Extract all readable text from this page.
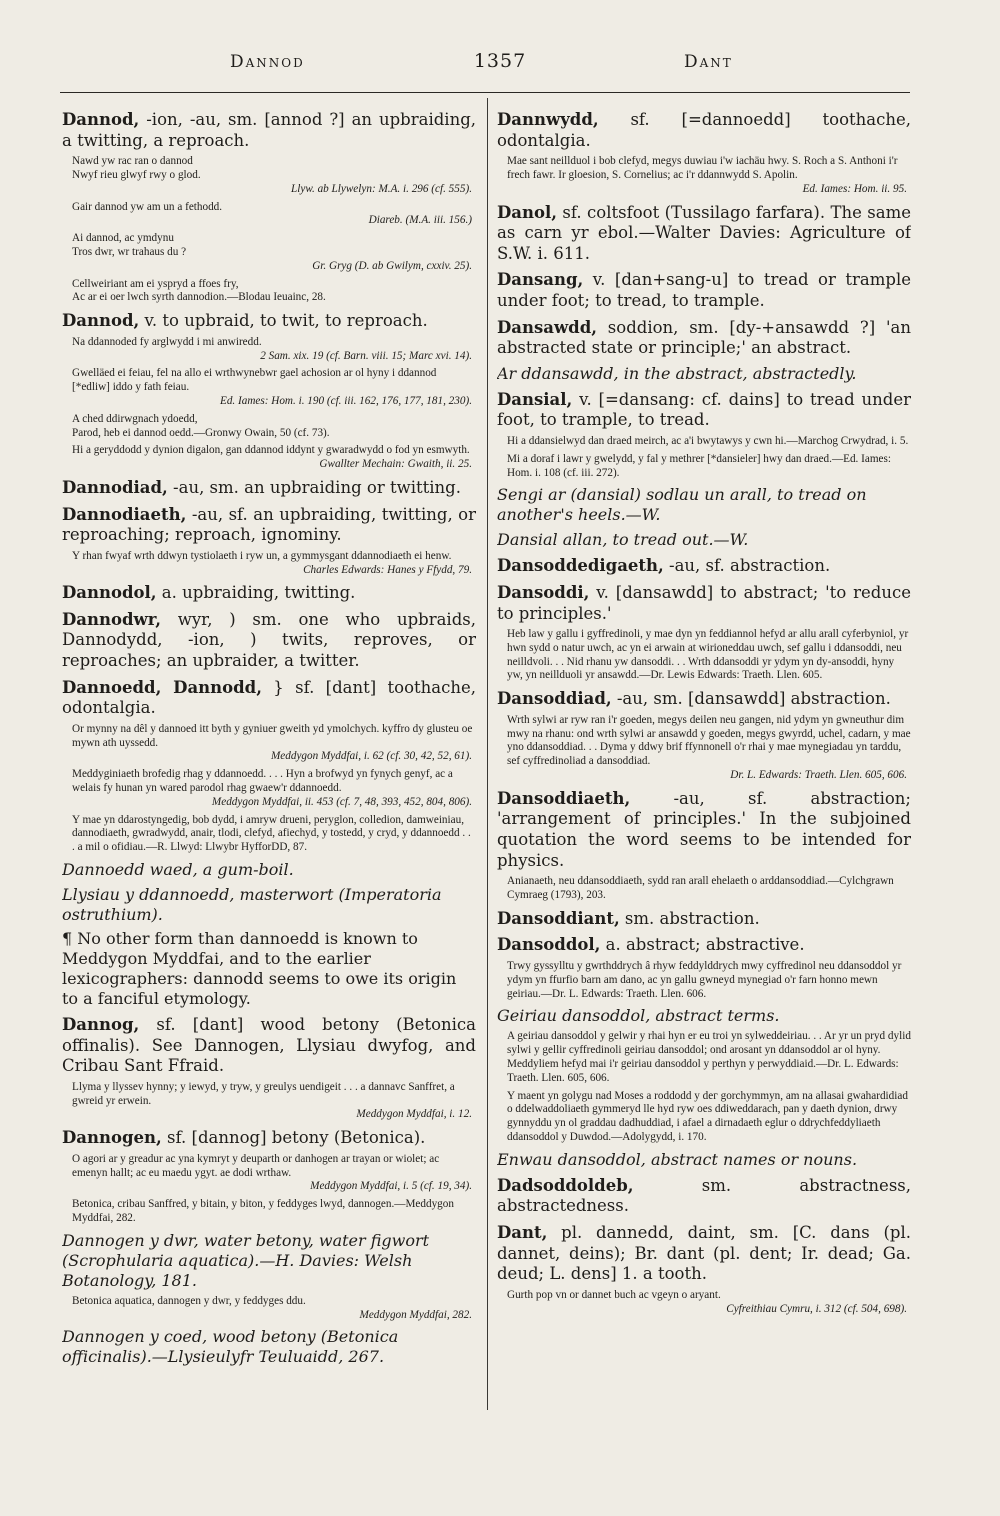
Dannod	1357	Dant
Dannod, -ion, -au, sm. [annod ?] an upbraiding, a twitting, a reproach.
Nawd yw rac ran o dannod
Nwyf rieu glwyf rwy o glod.
Llyw. ab Llywelyn: M.A. i. 296 (cf. 555).
Gair dannod yw am un a fethodd.
Diareb. (M.A. iii. 156.)
Ai dannod, ac ymdynu
Tros dwr, wr trahaus du ?
Gr. Gryg (D. ab Gwilym, cxxiv. 25).
Cellweiriant am ei yspryd a ffoes fry,
Ac ar ei oer lwch syrth dannodion.—Blodau Ieuainc, 28.
Dannod, v. to upbraid, to twit, to reproach.
Na ddannoded fy arglwydd i mi anwiredd.
2 Sam. xix. 19 (cf. Barn. viii. 15; Marc xvi. 14).
Gwelläed ei feiau, fel na allo ei wrthwynebwr gael achosion ar ol hyny i ddannod [*edliw] iddo y fath feiau.
Ed. Iames: Hom. i. 190 (cf. iii. 162, 176, 177, 181, 230).
A ched ddirwgnach ydoedd,
Parod, heb ei dannod oedd.—Gronwy Owain, 50 (cf. 73).
Hi a geryddodd y dynion digalon, gan ddannod iddynt y gwaradwydd o fod yn esmwyth.
Gwallter Mechain: Gwaith, ii. 25.
Dannodiad, -au, sm. an upbraiding or twitting.
Dannodiaeth, -au, sf. an upbraiding, twitting, or reproaching; reproach, ignominy.
Y rhan fwyaf wrth ddwyn tystiolaeth i ryw un, a gymmysgant ddannodiaeth ei henw.
Charles Edwards: Hanes y Ffydd, 79.
Dannodol, a. upbraiding, twitting.
Dannodwr, wyr, ) sm. one who upbraids, Dannodydd, -ion, ) twits, reproves, or reproaches; an upbraider, a twitter.
Dannoedd, Dannodd, } sf. [dant] toothache, odontalgia.
Or mynny na dêl y dannoed itt byth y gyniuer gweith yd ymolchych. kyffro dy glusteu oe mywn ath uyssedd.
Meddygon Myddfai, i. 62 (cf. 30, 42, 52, 61).
Meddyginiaeth brofedig rhag y ddannoedd. . . . Hyn a brofwyd yn fynych genyf, ac a welais fy hunan yn wared parodol rhag gwaew'r ddannoedd.
Meddygon Myddfai, ii. 453 (cf. 7, 48, 393, 452, 804, 806).
Y mae yn ddarostyngedig, bob dydd, i amryw drueni, peryglon, colledion, damweiniau, dannodiaeth, gwradwydd, anair, tlodi, clefyd, afiechyd, y tostedd, y cryd, y ddannoedd . . . a mil o ofidiau.—R. Llwyd: Llwybr HyfforDD, 87.
Dannoedd waed, a gum-boil.
Llysiau y ddannoedd, masterwort (Imperatoria ostruthium).
¶ No other form than dannoedd is known to Meddygon Myddfai, and to the earlier lexicographers: dannodd seems to owe its origin to a fanciful etymology.
Dannog, sf. [dant] wood betony (Betonica offinalis). See Dannogen, Llysiau dwyfog, and Cribau Sant Ffraid.
Llyma y llyssev hynny; y iewyd, y tryw, y greulys uendigeit . . . a dannavc Sanffret, a gwreid yr erwein.
Meddygon Myddfai, i. 12.
Dannogen, sf. [dannog] betony (Betonica).
O agori ar y greadur ac yna kymryt y deuparth or danhogen ar trayan or wiolet; ac emenyn hallt; ac eu maedu ygyt. ae dodi wrthaw.
Meddygon Myddfai, i. 5 (cf. 19, 34).
Betonica, cribau Sanffred, y bitain, y biton, y feddyges lwyd, dannogen.—Meddygon Myddfai, 282.
Dannogen y dwr, water betony, water figwort (Scrophularia aquatica).—H. Davies: Welsh Botanology, 181.
Betonica aquatica, dannogen y dwr, y feddyges ddu.
Meddygon Myddfai, 282.
Dannogen y coed, wood betony (Betonica officinalis).—Llysieulyfr Teuluaidd, 267.
Dannwydd, sf. [=dannoedd] toothache, odontalgia.
Mae sant neillduol i bob clefyd, megys duwiau i'w iachäu hwy. S. Roch a S. Anthoni i'r frech fawr. Ir gloesion, S. Cornelius; ac i'r ddannwydd S. Apolin.
Ed. Iames: Hom. ii. 95.
Danol, sf. coltsfoot (Tussilago farfara). The same as carn yr ebol.—Walter Davies: Agriculture of S.W. i. 611.
Dansang, v. [dan+sang-u] to tread or trample under foot; to tread, to trample.
Dansawdd, soddion, sm. [dy-+ansawdd ?] 'an abstracted state or principle;' an abstract.
Ar ddansawdd, in the abstract, abstractedly.
Dansial, v. [=dansang: cf. dains] to tread under foot, to trample, to tread.
Hi a ddansielwyd dan draed meirch, ac a'i bwytawys y cwn hi.—Marchog Crwydrad, i. 5.
Mi a doraf i lawr y gwelydd, y fal y methrer [*dansieler] hwy dan draed.—Ed. Iames: Hom. i. 108 (cf. iii. 272).
Sengi ar (dansial) sodlau un arall, to tread on another's heels.—W.
Dansial allan, to tread out.—W.
Dansoddedigaeth, -au, sf. abstraction.
Dansoddi, v. [dansawdd] to abstract; 'to reduce to principles.'
Heb law y gallu i gyffredinoli, y mae dyn yn feddiannol hefyd ar allu arall cyferbyniol, yr hwn sydd o natur uwch, ac yn ei arwain at wirioneddau uwch, sef gallu i ddansoddi, neu neilldvoli. . . Nid rhanu yw dansoddi. . . Wrth ddansoddi yr ydym yn dy-ansoddi, hyny yw, yn neillduoli yr ansawdd.—Dr. Lewis Edwards: Traeth. Llen. 605.
Dansoddiad, -au, sm. [dansawdd] abstraction.
Wrth sylwi ar ryw ran i'r goeden, megys deilen neu gangen, nid ydym yn gwneuthur dim mwy na rhanu: ond wrth sylwi ar ansawdd y goeden, megys gwyrdd, uchel, cadarn, y mae yno ddansoddiad. . . Dyma y ddwy brif ffynnonell o'r rhai y mae mynegiadau yn tarddu, sef cyffredinoliad a dansoddiad.
Dr. L. Edwards: Traeth. Llen. 605, 606.
Dansoddiaeth, -au, sf. abstraction; 'arrangement of principles.' In the subjoined quotation the word seems to be intended for physics.
Anianaeth, neu ddansoddiaeth, sydd ran arall ehelaeth o arddansoddiad.—Cylchgrawn Cymraeg (1793), 203.
Dansoddiant, sm. abstraction.
Dansoddol, a. abstract; abstractive.
Trwy gyssylltu y gwrthddrych â rhyw feddylddrych mwy cyffredinol neu ddansoddol yr ydym yn ffurfio barn am dano, ac yn gallu gwneyd mynegiad o'r farn honno mewn geiriau.—Dr. L. Edwards: Traeth. Llen. 606.
Geiriau dansoddol, abstract terms.
A geiriau dansoddol y gelwir y rhai hyn er eu troi yn sylweddeiriau. . . Ar yr un pryd dylid sylwi y gellir cyffredinoli geiriau dansoddol; ond arosant yn ddansoddol ar ol hyny. Meddyliem hefyd mai i'r geiriau dansoddol y perthyn y perwyddiaid.—Dr. L. Edwards: Traeth. Llen. 605, 606.
Y maent yn golygu nad Moses a roddodd y dег gorchymmyn, am na allasai gwahardidiad o ddelwaddoliaeth gymmeryd lle hyd ryw oes ddiweddarach, pan y daeth dynion, drwy gynnyddu yn ol graddau dadhuddiad, i afael a dirnadaeth eglur o ddrychfeddyliaeth ddansoddol y Duwdod.—Adolygydd, i. 170.
Enwau dansoddol, abstract names or nouns.
Dadsoddoldeb, sm. abstractness, abstractedness.
Dant, pl. dannedd, daint, sm. [C. dans (pl. dannet, deins); Br. dant (pl. dent; Ir. dead; Ga. deud; L. dens] 1. a tooth.
Gurth pop vn or dannet buch ac vgeyn o aryant.
Cyfreithiau Cymru, i. 312 (cf. 504, 698).
